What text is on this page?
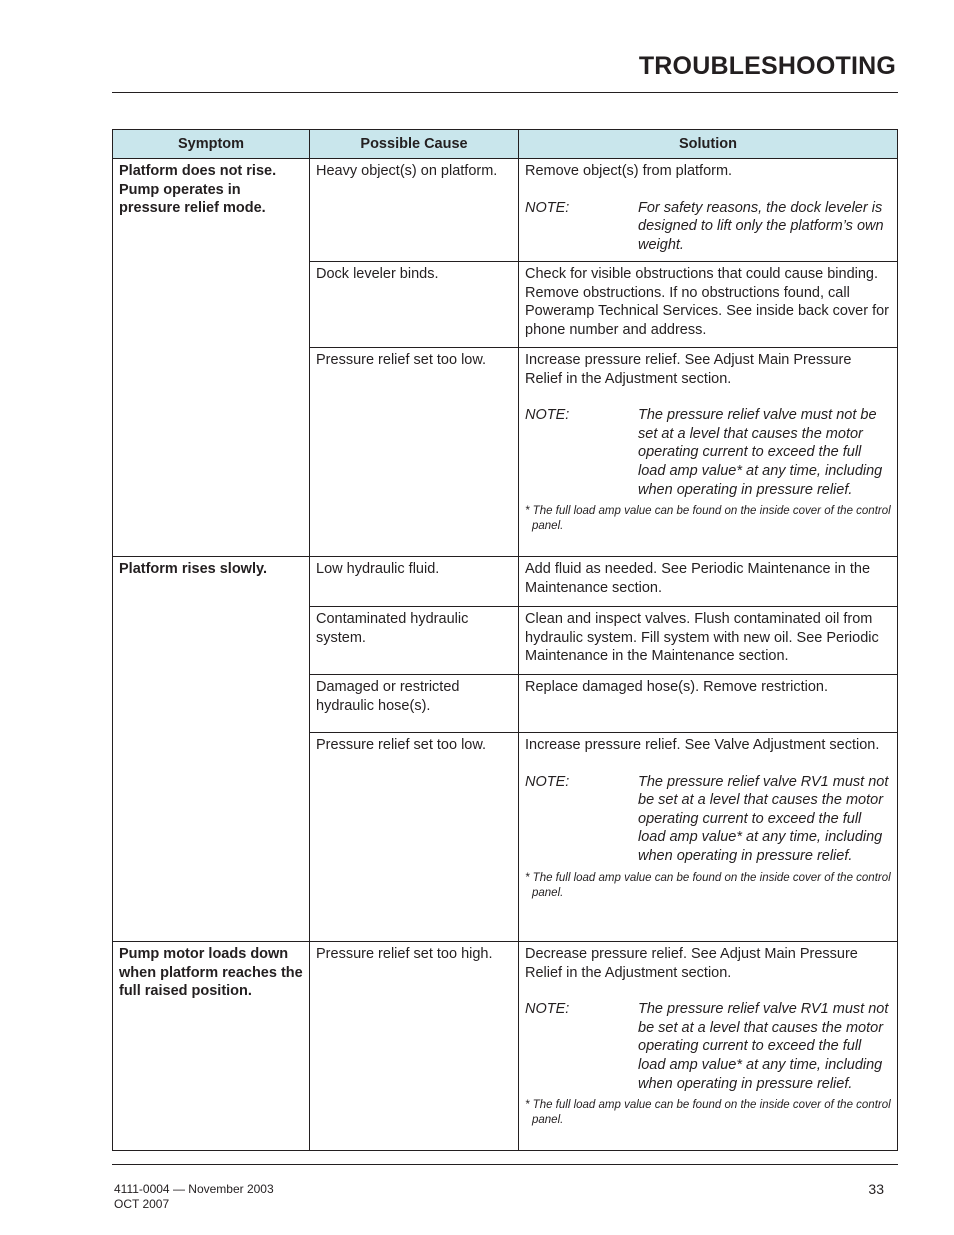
TROUBLESHOOTING
Symptom	Possible Cause	Solution
Platform does not rise. Pump operates in pressure relief mode.	Heavy object(s) on platform.	Remove object(s) from platform.
NOTE: For safety reasons, the dock leveler is designed to lift only the platform’s own weight.

	Dock leveler binds.	Check for visible obstructions that could cause binding. Remove obstructions. If no obstructions found, call Poweramp Technical Services. See inside back cover for phone number and address.

	Pressure relief set too low.	Increase pressure relief. See Adjust Main Pressure Relief in the Adjustment section.
NOTE: The pressure relief valve must not be set at a level that causes the motor operating current to exceed the full load amp value* at any time, including when operating in pressure relief.
* The full load amp value can be found on the inside cover of the control panel.

Platform rises slowly.	Low hydraulic fluid.	Add fluid as needed. See Periodic Maintenance in the Maintenance section.

	Contaminated hydraulic system.	Clean and inspect valves. Flush contaminated oil from hydraulic system. Fill system with new oil. See Periodic Maintenance in the Maintenance section.

	Damaged or restricted hydraulic hose(s).	Replace damaged hose(s). Remove restriction.

	Pressure relief set too low.	Increase pressure relief. See Valve Adjustment section.
NOTE: The pressure relief valve RV1 must not be set at a level that causes the motor operating current to exceed the full load amp value* at any time, including when operating in pressure relief.
* The full load amp value can be found on the inside cover of the control panel.

Pump motor loads down when platform reaches the full raised position.	Pressure relief set too high.	Decrease pressure relief. See Adjust Main Pressure Relief in the Adjustment section.
NOTE: The pressure relief valve RV1 must not be set at a level that causes the motor operating current to exceed the full load amp value* at any time, including when operating in pressure relief.
* The full load amp value can be found on the inside cover of the control panel.
4111-0004 — November 2003
OCT 2007
33
